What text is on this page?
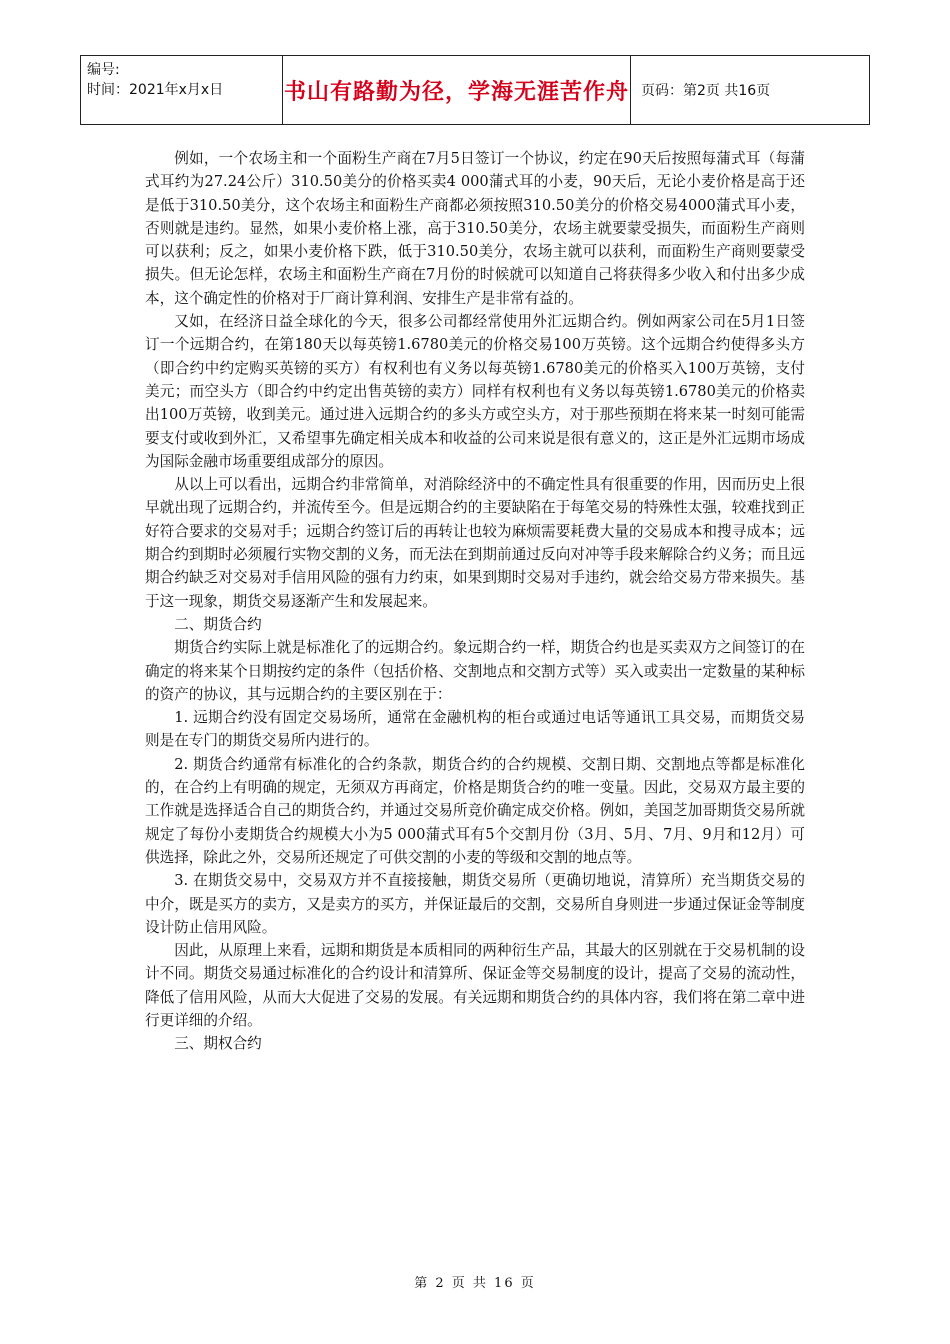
编号:
时间：2021年x月x日	书山有路勤为径，学海无涯苦作舟 页码：第2页 共16页

例如，一个农场主和一个面粉生产商在7月5日签订一个协议，约定在90天后按照每蒲式耳（每蒲式耳约为27.24公斤）310.50美分的价格买卖4 000蒲式耳的小麦，90天后，无论小麦价格是高于还是低于310.50美分，这个农场主和面粉生产商都必须按照310.50美分的价格交易4000蒲式耳小麦，否则就是违约。显然，如果小麦价格上涨，高于310.50美分，农场主就要蒙受损失，而面粉生产商则可以获利；反之，如果小麦价格下跌，低于310.50美分，农场主就可以获利，而面粉生产商则要蒙受损失。但无论怎样，农场主和面粉生产商在7月份的时候就可以知道自己将获得多少收入和付出多少成本，这个确定性的价格对于厂商计算利润、安排生产是非常有益的。

又如，在经济日益全球化的今天，很多公司都经常使用外汇远期合约。例如两家公司在5月1日签订一个远期合约，在第180天以每英镑1.6780美元的价格交易100万英镑。这个远期合约使得多头方（即合约中约定购买英镑的买方）有权利也有义务以每英镑1.6780美元的价格买入100万英镑，支付美元；而空头方（即合约中约定出售英镑的卖方）同样有权利也有义务以每英镑1.6780美元的价格卖出100万英镑，收到美元。通过进入远期合约的多头方或空头方，对于那些预期在将来某一时刻可能需要支付或收到外汇，又希望事先确定相关成本和收益的公司来说是很有意义的，这正是外汇远期市场成为国际金融市场重要组成部分的原因。

从以上可以看出，远期合约非常简单，对消除经济中的不确定性具有很重要的作用，因而历史上很早就出现了远期合约，并流传至今。但是远期合约的主要缺陷在于每笔交易的特殊性太强，较难找到正好符合要求的交易对手；远期合约签订后的再转让也较为麻烦需要耗费大量的交易成本和搜寻成本；远期合约到期时必须履行实物交割的义务，而无法在到期前通过反向对冲等手段来解除合约义务；而且远期合约缺乏对交易对手信用风险的强有力约束，如果到期时交易对手违约，就会给交易方带来损失。基于这一现象，期货交易逐渐产生和发展起来。

二、期货合约

期货合约实际上就是标准化了的远期合约。象远期合约一样，期货合约也是买卖双方之间签订的在确定的将来某个日期按约定的条件（包括价格、交割地点和交割方式等）买入或卖出一定数量的某种标的资产的协议，其与远期合约的主要区别在于：

1. 远期合约没有固定交易场所，通常在金融机构的柜台或通过电话等通讯工具交易，而期货交易则是在专门的期货交易所内进行的。

2. 期货合约通常有标准化的合约条款，期货合约的合约规模、交割日期、交割地点等都是标准化的，在合约上有明确的规定，无须双方再商定，价格是期货合约的唯一变量。因此，交易双方最主要的工作就是选择适合自己的期货合约，并通过交易所竞价确定成交价格。例如，美国芝加哥期货交易所就规定了每份小麦期货合约规模大小为5 000蒲式耳有5个交割月份（3月、5月、7月、9月和12月）可供选择，除此之外，交易所还规定了可供交割的小麦的等级和交割的地点等。

3. 在期货交易中，交易双方并不直接接触，期货交易所（更确切地说，清算所）充当期货交易的中介，既是买方的卖方，又是卖方的买方，并保证最后的交割，交易所自身则进一步通过保证金等制度设计防止信用风险。

因此，从原理上来看，远期和期货是本质相同的两种衍生产品，其最大的区别就在于交易机制的设计不同。期货交易通过标准化的合约设计和清算所、保证金等交易制度的设计，提高了交易的流动性，降低了信用风险，从而大大促进了交易的发展。有关远期和期货合约的具体内容，我们将在第二章中进行更详细的介绍。

三、期权合约

第 2 页 共 16 页
